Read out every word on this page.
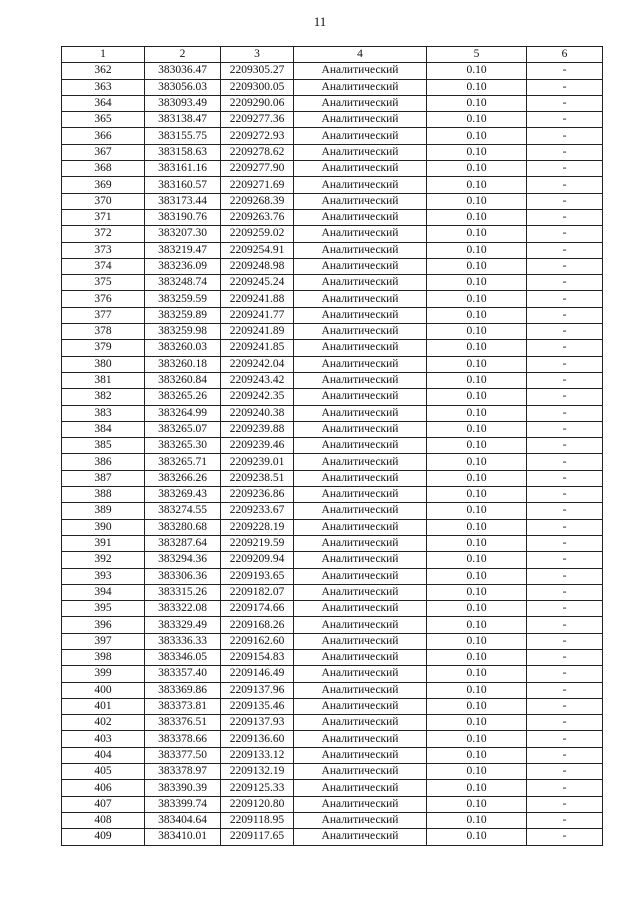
11
1	2	3	4	5	6
362	383036.47	2209305.27	Аналитический	0.10	-
363	383056.03	2209300.05	Аналитический	0.10	-
364	383093.49	2209290.06	Аналитический	0.10	-
365	383138.47	2209277.36	Аналитический	0.10	-
366	383155.75	2209272.93	Аналитический	0.10	-
367	383158.63	2209278.62	Аналитический	0.10	-
368	383161.16	2209277.90	Аналитический	0.10	-
369	383160.57	2209271.69	Аналитический	0.10	-
370	383173.44	2209268.39	Аналитический	0.10	-
371	383190.76	2209263.76	Аналитический	0.10	-
372	383207.30	2209259.02	Аналитический	0.10	-
373	383219.47	2209254.91	Аналитический	0.10	-
374	383236.09	2209248.98	Аналитический	0.10	-
375	383248.74	2209245.24	Аналитический	0.10	-
376	383259.59	2209241.88	Аналитический	0.10	-
377	383259.89	2209241.77	Аналитический	0.10	-
378	383259.98	2209241.89	Аналитический	0.10	-
379	383260.03	2209241.85	Аналитический	0.10	-
380	383260.18	2209242.04	Аналитический	0.10	-
381	383260.84	2209243.42	Аналитический	0.10	-
382	383265.26	2209242.35	Аналитический	0.10	-
383	383264.99	2209240.38	Аналитический	0.10	-
384	383265.07	2209239.88	Аналитический	0.10	-
385	383265.30	2209239.46	Аналитический	0.10	-
386	383265.71	2209239.01	Аналитический	0.10	-
387	383266.26	2209238.51	Аналитический	0.10	-
388	383269.43	2209236.86	Аналитический	0.10	-
389	383274.55	2209233.67	Аналитический	0.10	-
390	383280.68	2209228.19	Аналитический	0.10	-
391	383287.64	2209219.59	Аналитический	0.10	-
392	383294.36	2209209.94	Аналитический	0.10	-
393	383306.36	2209193.65	Аналитический	0.10	-
394	383315.26	2209182.07	Аналитический	0.10	-
395	383322.08	2209174.66	Аналитический	0.10	-
396	383329.49	2209168.26	Аналитический	0.10	-
397	383336.33	2209162.60	Аналитический	0.10	-
398	383346.05	2209154.83	Аналитический	0.10	-
399	383357.40	2209146.49	Аналитический	0.10	-
400	383369.86	2209137.96	Аналитический	0.10	-
401	383373.81	2209135.46	Аналитический	0.10	-
402	383376.51	2209137.93	Аналитический	0.10	-
403	383378.66	2209136.60	Аналитический	0.10	-
404	383377.50	2209133.12	Аналитический	0.10	-
405	383378.97	2209132.19	Аналитический	0.10	-
406	383390.39	2209125.33	Аналитический	0.10	-
407	383399.74	2209120.80	Аналитический	0.10	-
408	383404.64	2209118.95	Аналитический	0.10	-
409	383410.01	2209117.65	Аналитический	0.10	-
